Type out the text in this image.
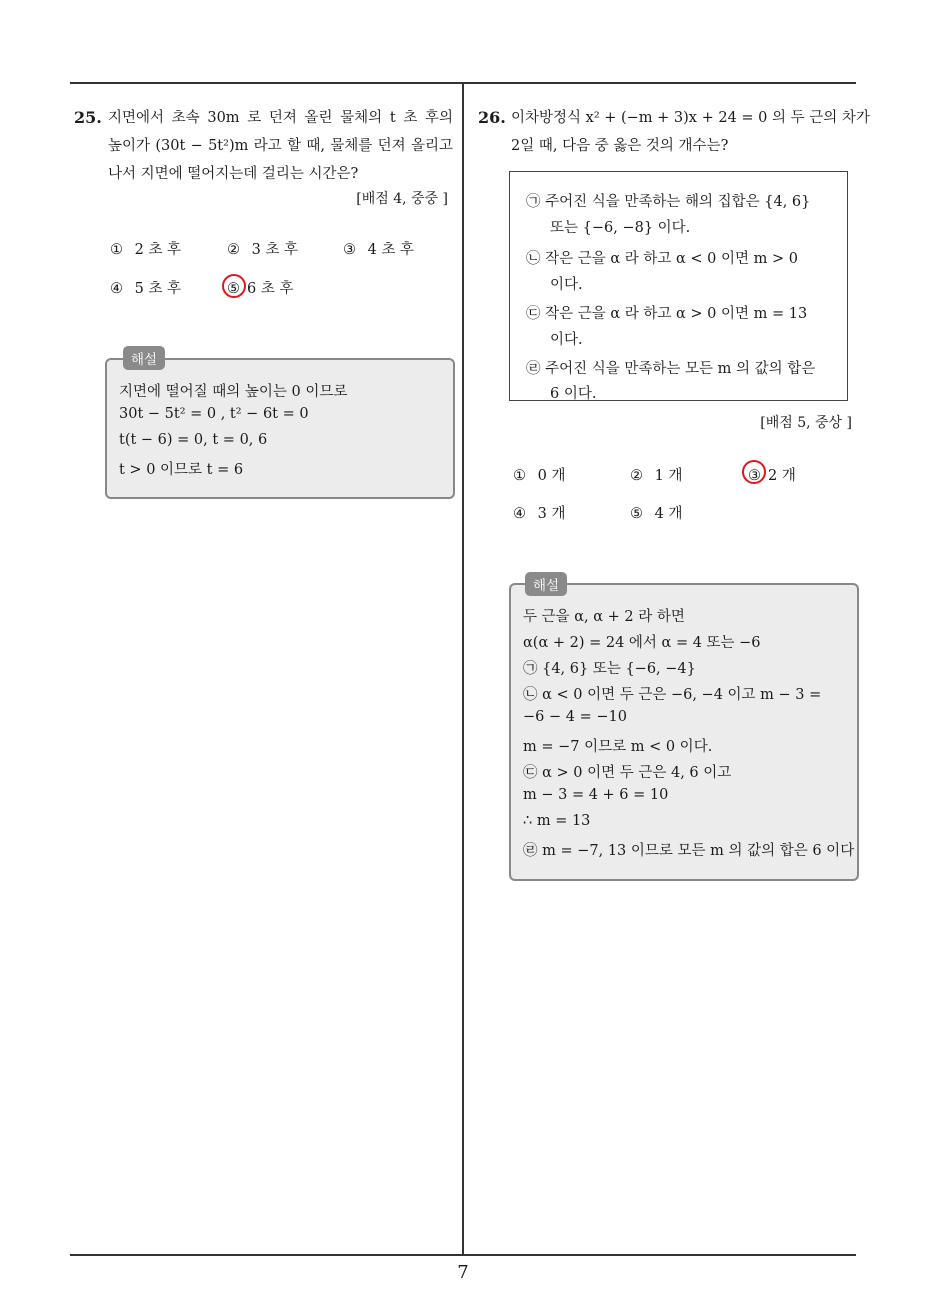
25. 지면에서 초속 30m 로 던져 올린 물체의 t 초 후의
높이가 (30t − 5t²)m 라고 할 때, 물체를 던져 올리고
나서 지면에 떨어지는데 걸리는 시간은?
[배점 4, 중중 ]
① 2 초 후	② 3 초 후	③ 4 초 후
④ 5 초 후	⑤ 6 초 후
해설
지면에 떨어질 때의 높이는 0 이므로
30t − 5t² = 0 , t² − 6t = 0
t(t − 6) = 0, t = 0, 6
t > 0 이므로 t = 6
26. 이차방정식 x² + (−m + 3)x + 24 = 0 의 두 근의 차가
2일 때, 다음 중 옳은 것의 개수는?
㉠ 주어진 식을 만족하는 해의 집합은 {4, 6}
또는 {−6, −8} 이다.
㉡ 작은 근을 α 라 하고 α < 0 이면 m > 0
이다.
㉢ 작은 근을 α 라 하고 α > 0 이면 m = 13
이다.
㉣ 주어진 식을 만족하는 모든 m 의 값의 합은
6 이다.
[배점 5, 중상 ]
① 0 개	② 1 개	③ 2 개
④ 3 개	⑤ 4 개
해설
두 근을 α, α + 2 라 하면
α(α + 2) = 24 에서 α = 4 또는 −6
㉠ {4, 6} 또는 {−6, −4}
㉡ α < 0 이면 두 근은 −6, −4 이고 m − 3 =
−6 − 4 = −10
m = −7 이므로 m < 0 이다.
㉢ α > 0 이면 두 근은 4, 6 이고
m − 3 = 4 + 6 = 10
∴ m = 13
㉣ m = −7, 13 이므로 모든 m 의 값의 합은 6 이다
7
